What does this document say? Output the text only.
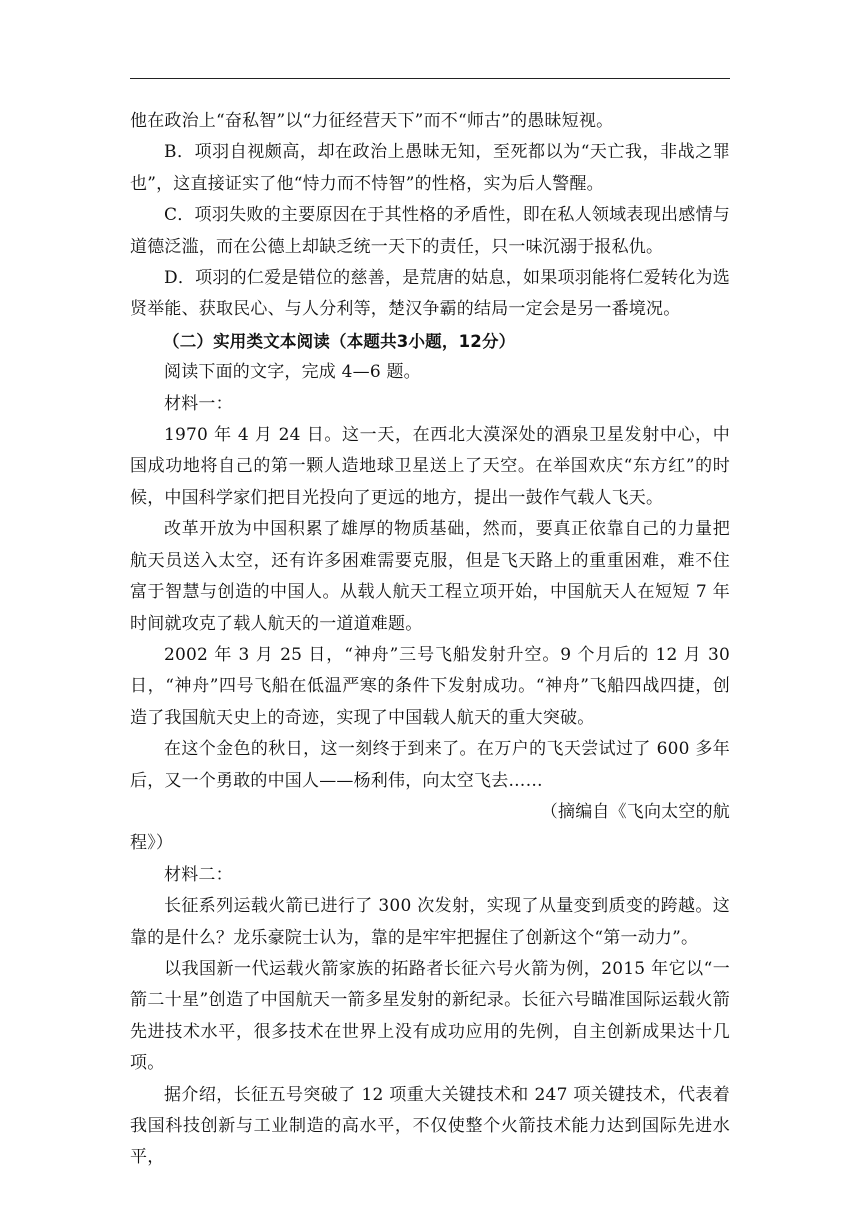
他在政治上“奋私智”以“力征经营天下”而不“师古”的愚昧短视。

B．项羽自视颇高，却在政治上愚昧无知，至死都以为“天亡我，非战之罪也”，这直接证实了他“恃力而不恃智”的性格，实为后人警醒。

C．项羽失败的主要原因在于其性格的矛盾性，即在私人领域表现出感情与道德泛滥，而在公德上却缺乏统一天下的责任，只一味沉溺于报私仇。

D．项羽的仁爱是错位的慈善，是荒唐的姑息，如果项羽能将仁爱转化为选贤举能、获取民心、与人分利等，楚汉争霸的结局一定会是另一番境况。

（二）实用类文本阅读（本题共3小题，12分）

阅读下面的文字，完成 4—6 题。

材料一：

1970 年 4 月 24 日。这一天，在西北大漠深处的酒泉卫星发射中心，中国成功地将自己的第一颗人造地球卫星送上了天空。在举国欢庆“东方红”的时候，中国科学家们把目光投向了更远的地方，提出一鼓作气载人飞天。

改革开放为中国积累了雄厚的物质基础，然而，要真正依靠自己的力量把航天员送入太空，还有许多困难需要克服，但是飞天路上的重重困难，难不住富于智慧与创造的中国人。从载人航天工程立项开始，中国航天人在短短 7 年时间就攻克了载人航天的一道道难题。

2002 年 3 月 25 日，“神舟”三号飞船发射升空。9 个月后的 12 月 30 日，“神舟”四号飞船在低温严寒的条件下发射成功。“神舟”飞船四战四捷，创造了我国航天史上的奇迹，实现了中国载人航天的重大突破。

在这个金色的秋日，这一刻终于到来了。在万户的飞天尝试过了 600 多年后，又一个勇敢的中国人——杨利伟，向太空飞去……

（摘编自《飞向太空的航

程》）

材料二：

长征系列运载火箭已进行了 300 次发射，实现了从量变到质变的跨越。这靠的是什么？龙乐豪院士认为，靠的是牢牢把握住了创新这个“第一动力”。

以我国新一代运载火箭家族的拓路者长征六号火箭为例，2015 年它以“一箭二十星”创造了中国航天一箭多星发射的新纪录。长征六号瞄准国际运载火箭先进技术水平，很多技术在世界上没有成功应用的先例，自主创新成果达十几项。

据介绍，长征五号突破了 12 项重大关键技术和 247 项关键技术，代表着我国科技创新与工业制造的高水平，不仅使整个火箭技术能力达到国际先进水平，
